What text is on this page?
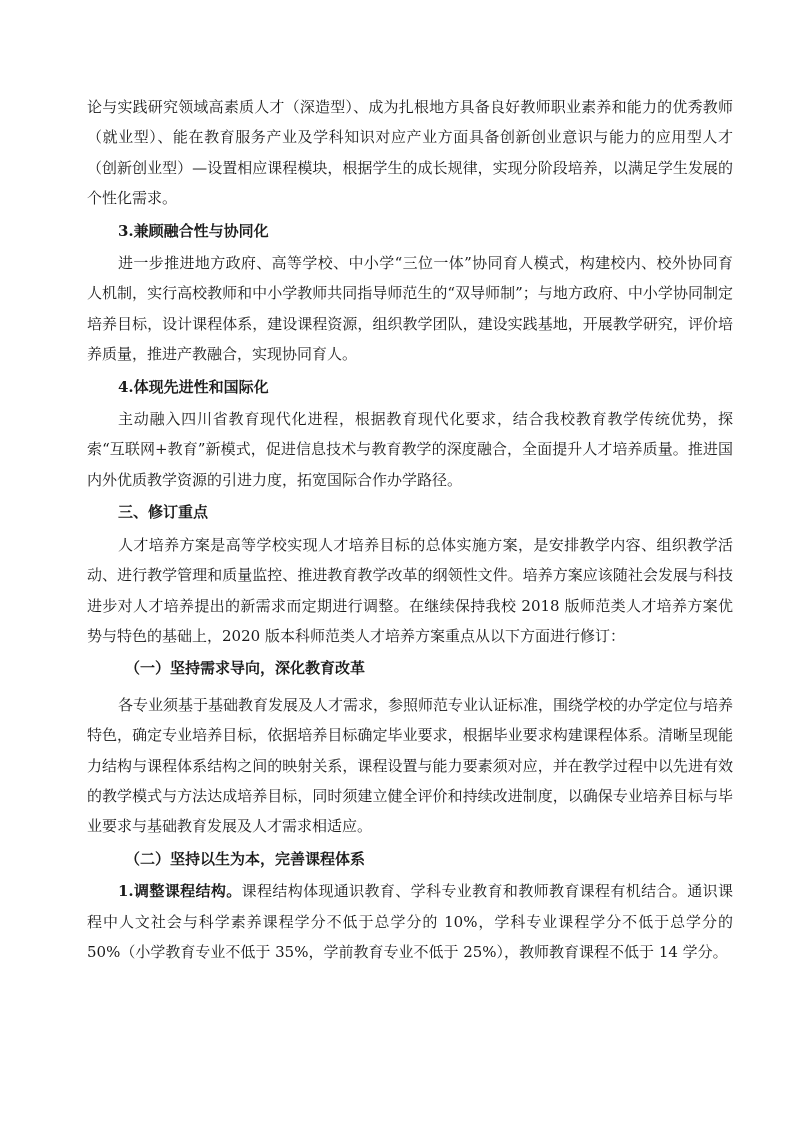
论与实践研究领域高素质人才（深造型）、成为扎根地方具备良好教师职业素养和能力的优秀教师（就业型）、能在教育服务产业及学科知识对应产业方面具备创新创业意识与能力的应用型人才（创新创业型）—设置相应课程模块，根据学生的成长规律，实现分阶段培养，以满足学生发展的个性化需求。

3.兼顾融合性与协同化

进一步推进地方政府、高等学校、中小学“三位一体”协同育人模式，构建校内、校外协同育人机制，实行高校教师和中小学教师共同指导师范生的“双导师制”；与地方政府、中小学协同制定培养目标，设计课程体系，建设课程资源，组织教学团队，建设实践基地，开展教学研究，评价培养质量，推进产教融合，实现协同育人。

4.体现先进性和国际化

主动融入四川省教育现代化进程，根据教育现代化要求，结合我校教育教学传统优势，探索“互联网+教育”新模式，促进信息技术与教育教学的深度融合，全面提升人才培养质量。推进国内外优质教学资源的引进力度，拓宽国际合作办学路径。

三、修订重点

人才培养方案是高等学校实现人才培养目标的总体实施方案，是安排教学内容、组织教学活动、进行教学管理和质量监控、推进教育教学改革的纲领性文件。培养方案应该随社会发展与科技进步对人才培养提出的新需求而定期进行调整。在继续保持我校 2018 版师范类人才培养方案优势与特色的基础上，2020 版本科师范类人才培养方案重点从以下方面进行修订：

（一）坚持需求导向，深化教育改革

各专业须基于基础教育发展及人才需求，参照师范专业认证标准，围绕学校的办学定位与培养特色，确定专业培养目标，依据培养目标确定毕业要求，根据毕业要求构建课程体系。清晰呈现能力结构与课程体系结构之间的映射关系，课程设置与能力要素须对应，并在教学过程中以先进有效的教学模式与方法达成培养目标，同时须建立健全评价和持续改进制度，以确保专业培养目标与毕业要求与基础教育发展及人才需求相适应。

（二）坚持以生为本，完善课程体系

1.调整课程结构。课程结构体现通识教育、学科专业教育和教师教育课程有机结合。通识课程中人文社会与科学素养课程学分不低于总学分的 10%，学科专业课程学分不低于总学分的 50%（小学教育专业不低于 35%，学前教育专业不低于 25%），教师教育课程不低于 14 学分。
